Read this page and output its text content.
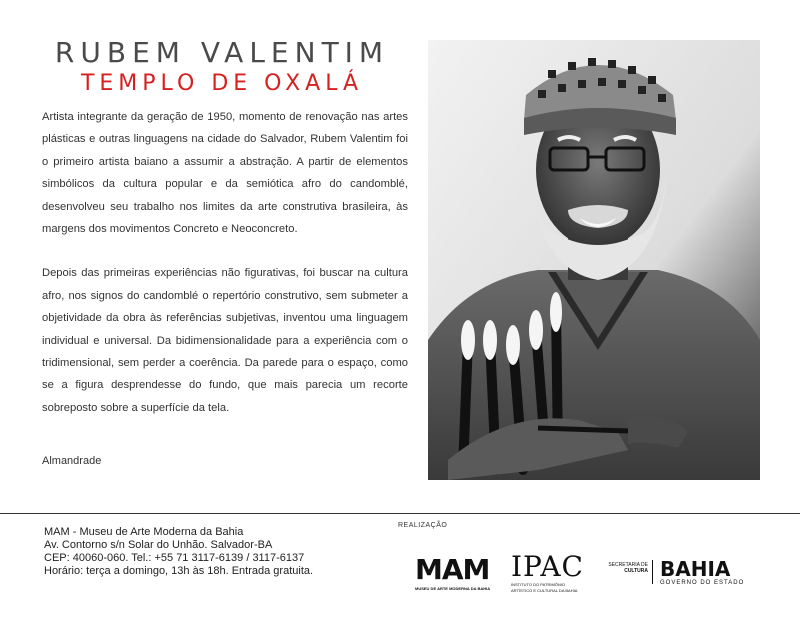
RUBEM VALENTIM
TEMPLO DE OXALÁ

Artista integrante da geração de 1950, momento de renovação nas artes plásticas e outras linguagens na cidade do Salvador, Rubem Valentim foi o primeiro artista baiano a assumir a abstração. A partir de elementos simbólicos da cultura popular e da semiótica afro do candomblé, desenvolveu seu trabalho nos limites da arte construtiva brasileira, às margens dos movimentos Concreto e Neoconcreto.

Depois das primeiras experiências não figurativas, foi buscar na cultura afro, nos signos do candomblé o repertório construtivo, sem submeter a objetividade da obra às referências subjetivas, inventou uma linguagem individual e universal. Da bidimensionalidade para a experiência com o tridimensional, sem perder a coerência. Da parede para o espaço, como se a figura desprendesse do fundo, que mais parecia um recorte sobreposto sobre a superfície da tela.

Almandrade
MAM - Museu de Arte Moderna da Bahia
Av. Contorno s/n Solar do Unhão. Salvador-BA
CEP: 40060-060. Tel.: +55 71 3117-6139 / 3117-6137
Horário: terça a domingo, 13h às 18h. Entrada gratuita.
REALIZAÇÃO
MAM
MUSEU DE ARTE MODERNA DA BAHIA
IPAC
INSTITUTO DO PATRIMÔNIO
ARTÍSTICO E CULTURAL DA BAHIA
SECRETARIA DE
CULTURA BAHIA
GOVERNO DO ESTADO
